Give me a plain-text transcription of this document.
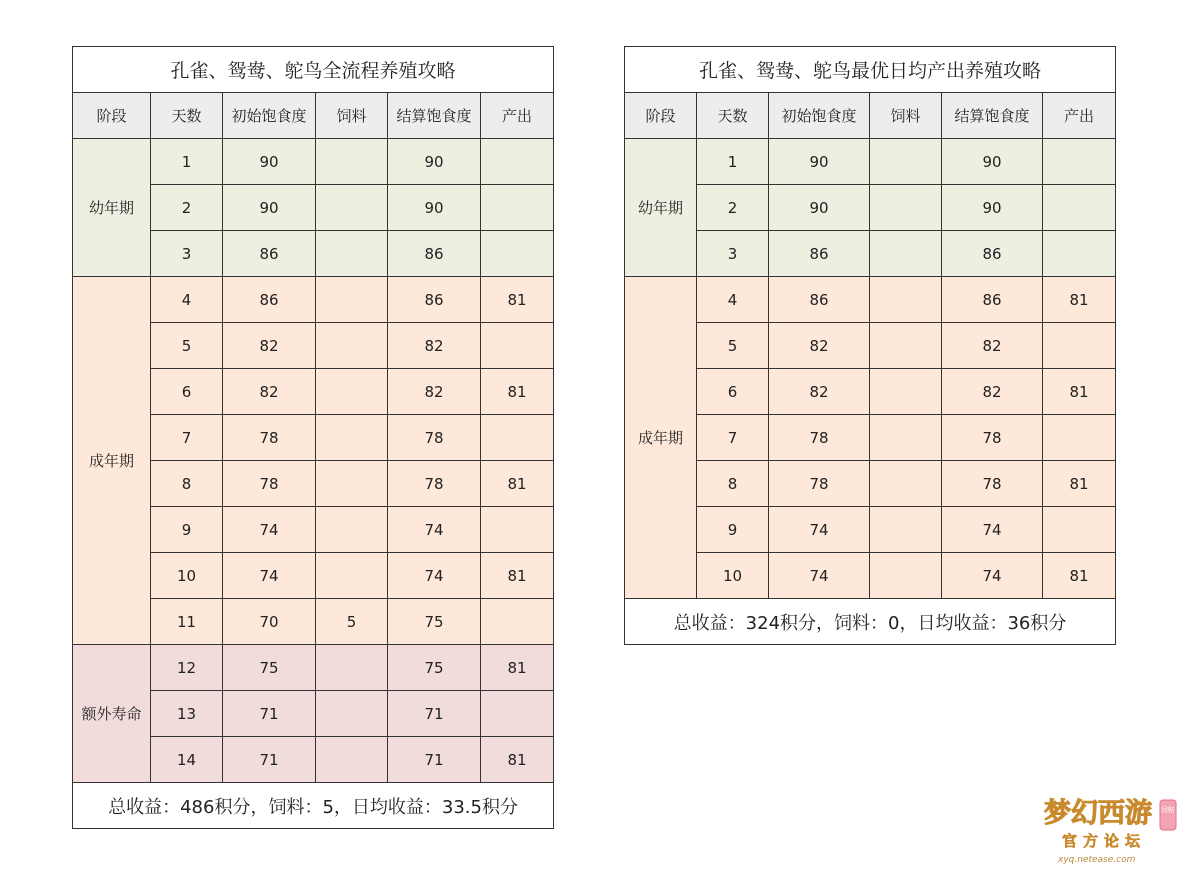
孔雀、鸳鸯、鸵鸟全流程养殖攻略					
阶段	天数	初始饱食度	饲料	结算饱食度	产出
幼年期	1	90		90	
	2	90		90	
	3	86		86	
成年期	4	86		86	81
	5	82		82	
	6	82		82	81
	7	78		78	
	8	78		78	81
	9	74		74	
	10	74		74	81
	11	70	5	75	
额外寿命	12	75		75	81
	13	71		71	
	14	71		71	81
总收益：486积分，饲料：5，日均收益：33.5积分					
孔雀、鸳鸯、鸵鸟最优日均产出养殖攻略					
阶段	天数	初始饱食度	饲料	结算饱食度	产出
幼年期	1	90		90	
	2	90		90	
	3	86		86	
成年期	4	86		86	81
	5	82		82	
	6	82		82	81
	7	78		78	
	8	78		78	81
	9	74		74	
	10	74		74	81
总收益：324积分，饲料：0，日均收益：36积分					
梦幻西游 回帖
官方论坛
xyq.netease.com
